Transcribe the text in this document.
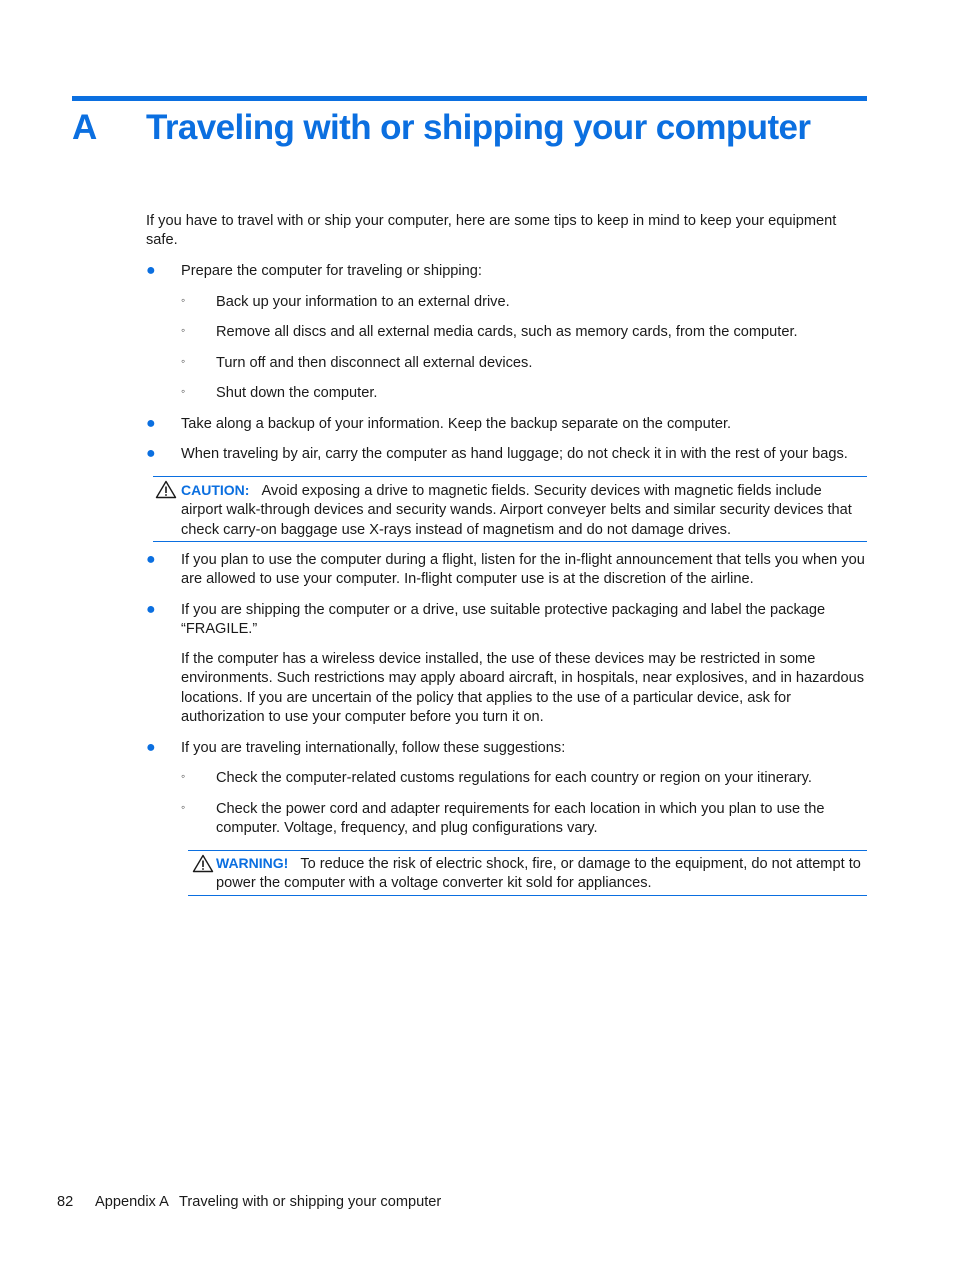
A Traveling with or shipping your computer

If you have to travel with or ship your computer, here are some tips to keep in mind to keep your equipment safe.

● Prepare the computer for traveling or shipping:

◦ Back up your information to an external drive.

◦ Remove all discs and all external media cards, such as memory cards, from the computer.

◦ Turn off and then disconnect all external devices.

◦ Shut down the computer.

● Take along a backup of your information. Keep the backup separate on the computer.

● When traveling by air, carry the computer as hand luggage; do not check it in with the rest of your bags.

CAUTION: Avoid exposing a drive to magnetic fields. Security devices with magnetic fields include airport walk-through devices and security wands. Airport conveyer belts and similar security devices that check carry-on baggage use X-rays instead of magnetism and do not damage drives.
● If you plan to use the computer during a flight, listen for the in-flight announcement that tells you when you are allowed to use your computer. In-flight computer use is at the discretion of the airline.

● If you are shipping the computer or a drive, use suitable protective packaging and label the package “FRAGILE.”

If the computer has a wireless device installed, the use of these devices may be restricted in some environments. Such restrictions may apply aboard aircraft, in hospitals, near explosives, and in hazardous locations. If you are uncertain of the policy that applies to the use of a particular device, ask for authorization to use your computer before you turn it on.

● If you are traveling internationally, follow these suggestions:

◦ Check the computer-related customs regulations for each country or region on your itinerary.

◦ Check the power cord and adapter requirements for each location in which you plan to use the computer. Voltage, frequency, and plug configurations vary.

WARNING! To reduce the risk of electric shock, fire, or damage to the equipment, do not attempt to power the computer with a voltage converter kit sold for appliances.
82 Appendix A Traveling with or shipping your computer
